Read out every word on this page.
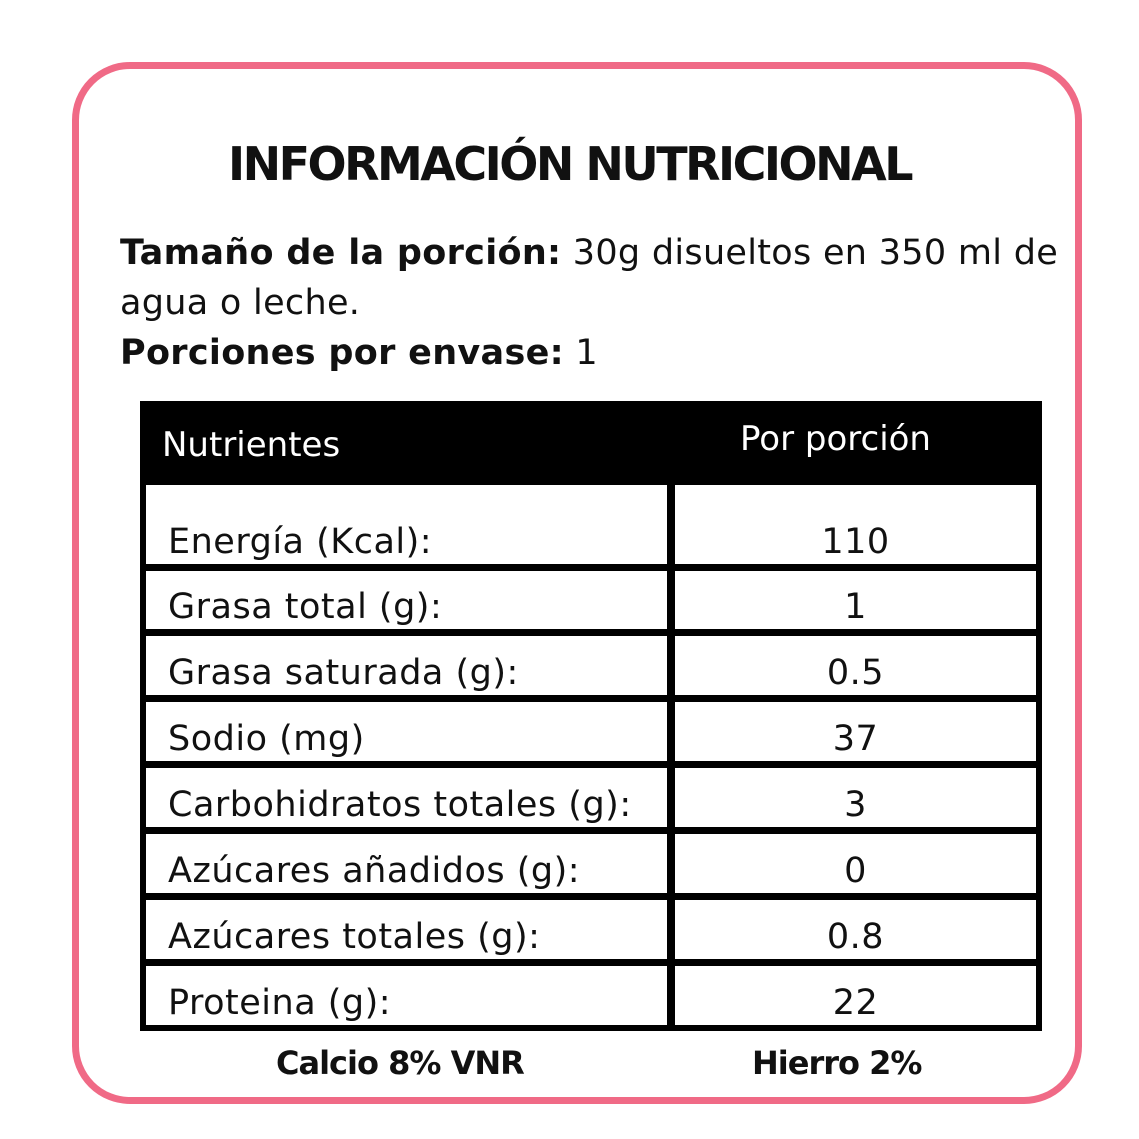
INFORMACIÓN NUTRICIONAL
Tamaño de la porción: 30g disueltos en 350 ml de
agua o leche.
Porciones por envase: 1
Nutrientes	Por porción
Energía (Kcal):	110
Grasa total (g):	1
Grasa saturada (g):	0.5
Sodio (mg)	37
Carbohidratos totales (g):	3
Azúcares añadidos (g):	0
Azúcares totales (g):	0.8
Proteina (g):	22
Calcio 8% VNR	Hierro 2%
